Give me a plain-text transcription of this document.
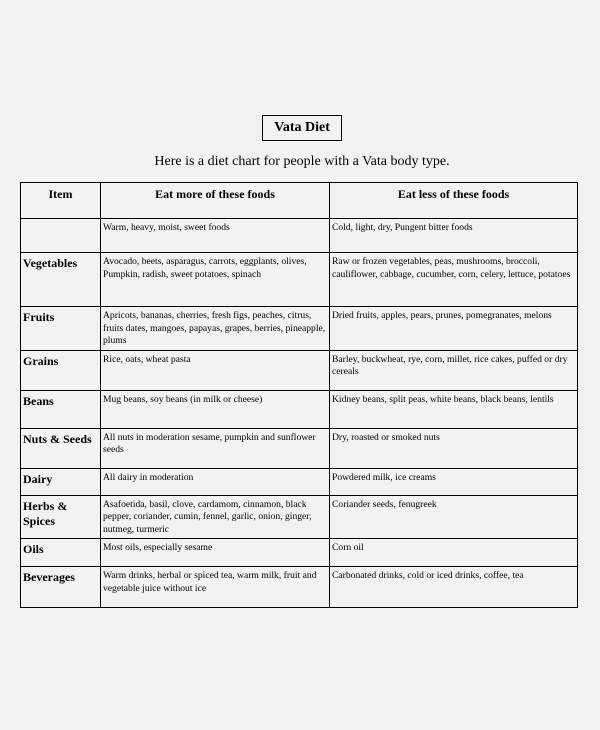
Vata Diet
Here is a diet chart for people with a Vata body type.
Item	Eat more of these foods	Eat less of these foods
	Warm, heavy, moist, sweet foods	Cold, light, dry, Pungent bitter foods
Vegetables	Avocado, beets, asparagus, carrots, eggplants, olives, Pumpkin, radish, sweet potatoes, spinach	Raw or frozen vegetables, peas, mushrooms, broccoli, cauliflower, cabbage, cucumber, corn, celery, lettuce, potatoes
Fruits	Apricots, bananas, cherries, fresh figs, peaches, citrus, fruits dates, mangoes, papayas, grapes, berries, pineapple, plums	Dried fruits, apples, pears, prunes, pomegranates, melons
Grains	Rice, oats, wheat pasta	Barley, buckwheat, rye, corn, millet, rice cakes, puffed or dry cereals
Beans	Mug beans, soy beans (in milk or cheese)	Kidney beans, split peas, white beans, black beans, lentils
Nuts & Seeds	All nuts in moderation sesame, pumpkin and sunflower seeds	Dry, roasted or smoked nuts
Dairy	All dairy in moderation	Powdered milk, ice creams
Herbs & Spices	Asafoetida, basil, clove, cardamom, cinnamon, black pepper, coriander, cumin, fennel, garlic, onion, ginger, nutmeg, turmeric	Coriander seeds, fenugreek
Oils	Most oils, especially sesame	Corn oil
Beverages	Warm drinks, herbal or spiced tea, warm milk, fruit and vegetable juice without ice	Carbonated drinks, cold or iced drinks, coffee, tea
